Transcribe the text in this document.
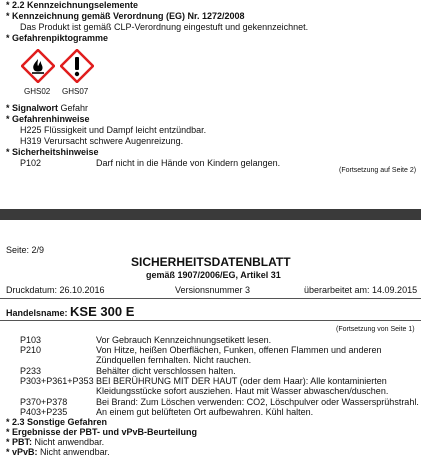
* 2.2 Kennzeichnungselemente
* Kennzeichnung gemäß Verordnung (EG) Nr. 1272/2008
Das Produkt ist gemäß CLP-Verordnung eingestuft und gekennzeichnet.
* Gefahrenpiktogramme
GHS02 GHS07
* Signalwort Gefahr
* Gefahrenhinweise
H225 Flüssigkeit und Dampf leicht entzündbar.
H319 Verursacht schwere Augenreizung.
* Sicherheitshinweise
P102	Darf nicht in die Hände von Kindern gelangen.
(Fortsetzung auf Seite 2)
Seite: 2/9
SICHERHEITSDATENBLATT
gemäß 1907/2006/EG, Artikel 31
Druckdatum: 26.10.2016	Versionsnummer 3	überarbeitet am: 14.09.2015
Handelsname: KSE 300 E
(Fortsetzung von Seite 1)
P103	Vor Gebrauch Kennzeichnungsetikett lesen.
P210	Von Hitze, heißen Oberflächen, Funken, offenen Flammen und anderen
Zündquellen fernhalten. Nicht rauchen.
P233	Behälter dicht verschlossen halten.
P303+P361+P353 BEI BERÜHRUNG MIT DER HAUT (oder dem Haar): Alle kontaminierten
Kleidungsstücke sofort ausziehen. Haut mit Wasser abwaschen/duschen.
P370+P378	Bei Brand: Zum Löschen verwenden: CO2, Löschpulver oder Wassersprühstrahl.
P403+P235	An einem gut belüfteten Ort aufbewahren. Kühl halten.
* 2.3 Sonstige Gefahren
* Ergebnisse der PBT- und vPvB-Beurteilung
* PBT: Nicht anwendbar.
* vPvB: Nicht anwendbar.
